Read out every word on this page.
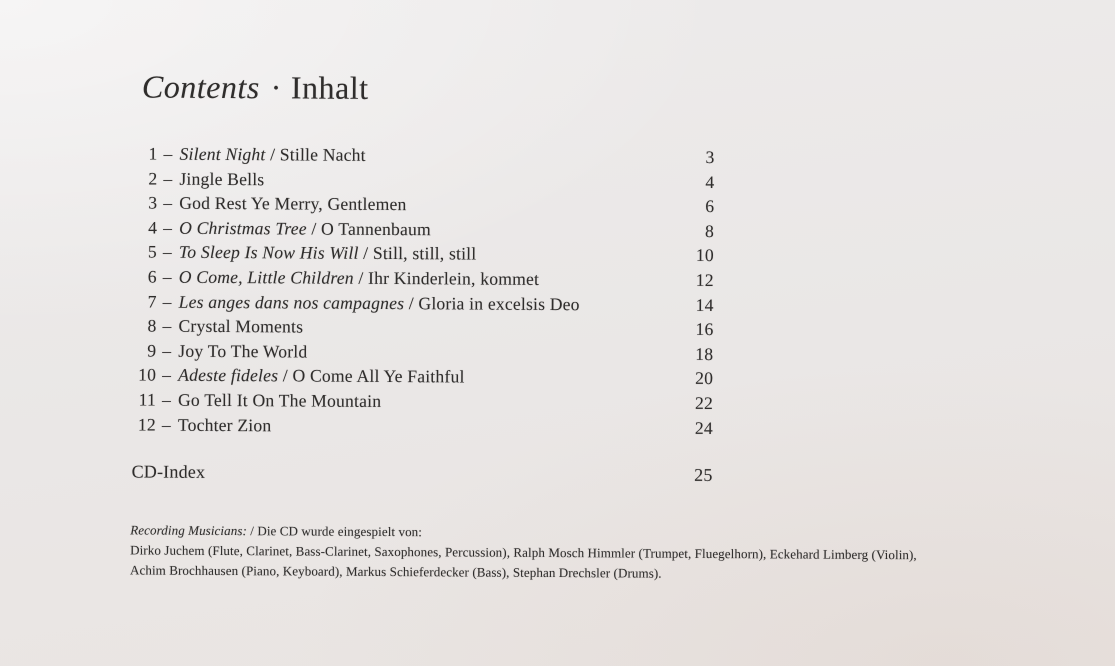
Contents · Inhalt
1 – Silent Night / Stille Nacht	3
2 – Jingle Bells	4
3 – God Rest Ye Merry, Gentlemen	6
4 – O Christmas Tree / O Tannenbaum	8
5 – To Sleep Is Now His Will / Still, still, still	10
6 – O Come, Little Children / Ihr Kinderlein, kommet	12
7 – Les anges dans nos campagnes / Gloria in excelsis Deo	14
8 – Crystal Moments	16
9 – Joy To The World	18
10 – Adeste fideles / O Come All Ye Faithful	20
11 – Go Tell It On The Mountain	22
12 – Tochter Zion	24
CD-Index	25
Recording Musicians: / Die CD wurde eingespielt von:
Dirko Juchem (Flute, Clarinet, Bass-Clarinet, Saxophones, Percussion), Ralph Mosch Himmler (Trumpet, Fluegelhorn), Eckehard Limberg (Violin),
Achim Brochhausen (Piano, Keyboard), Markus Schieferdecker (Bass), Stephan Drechsler (Drums).
